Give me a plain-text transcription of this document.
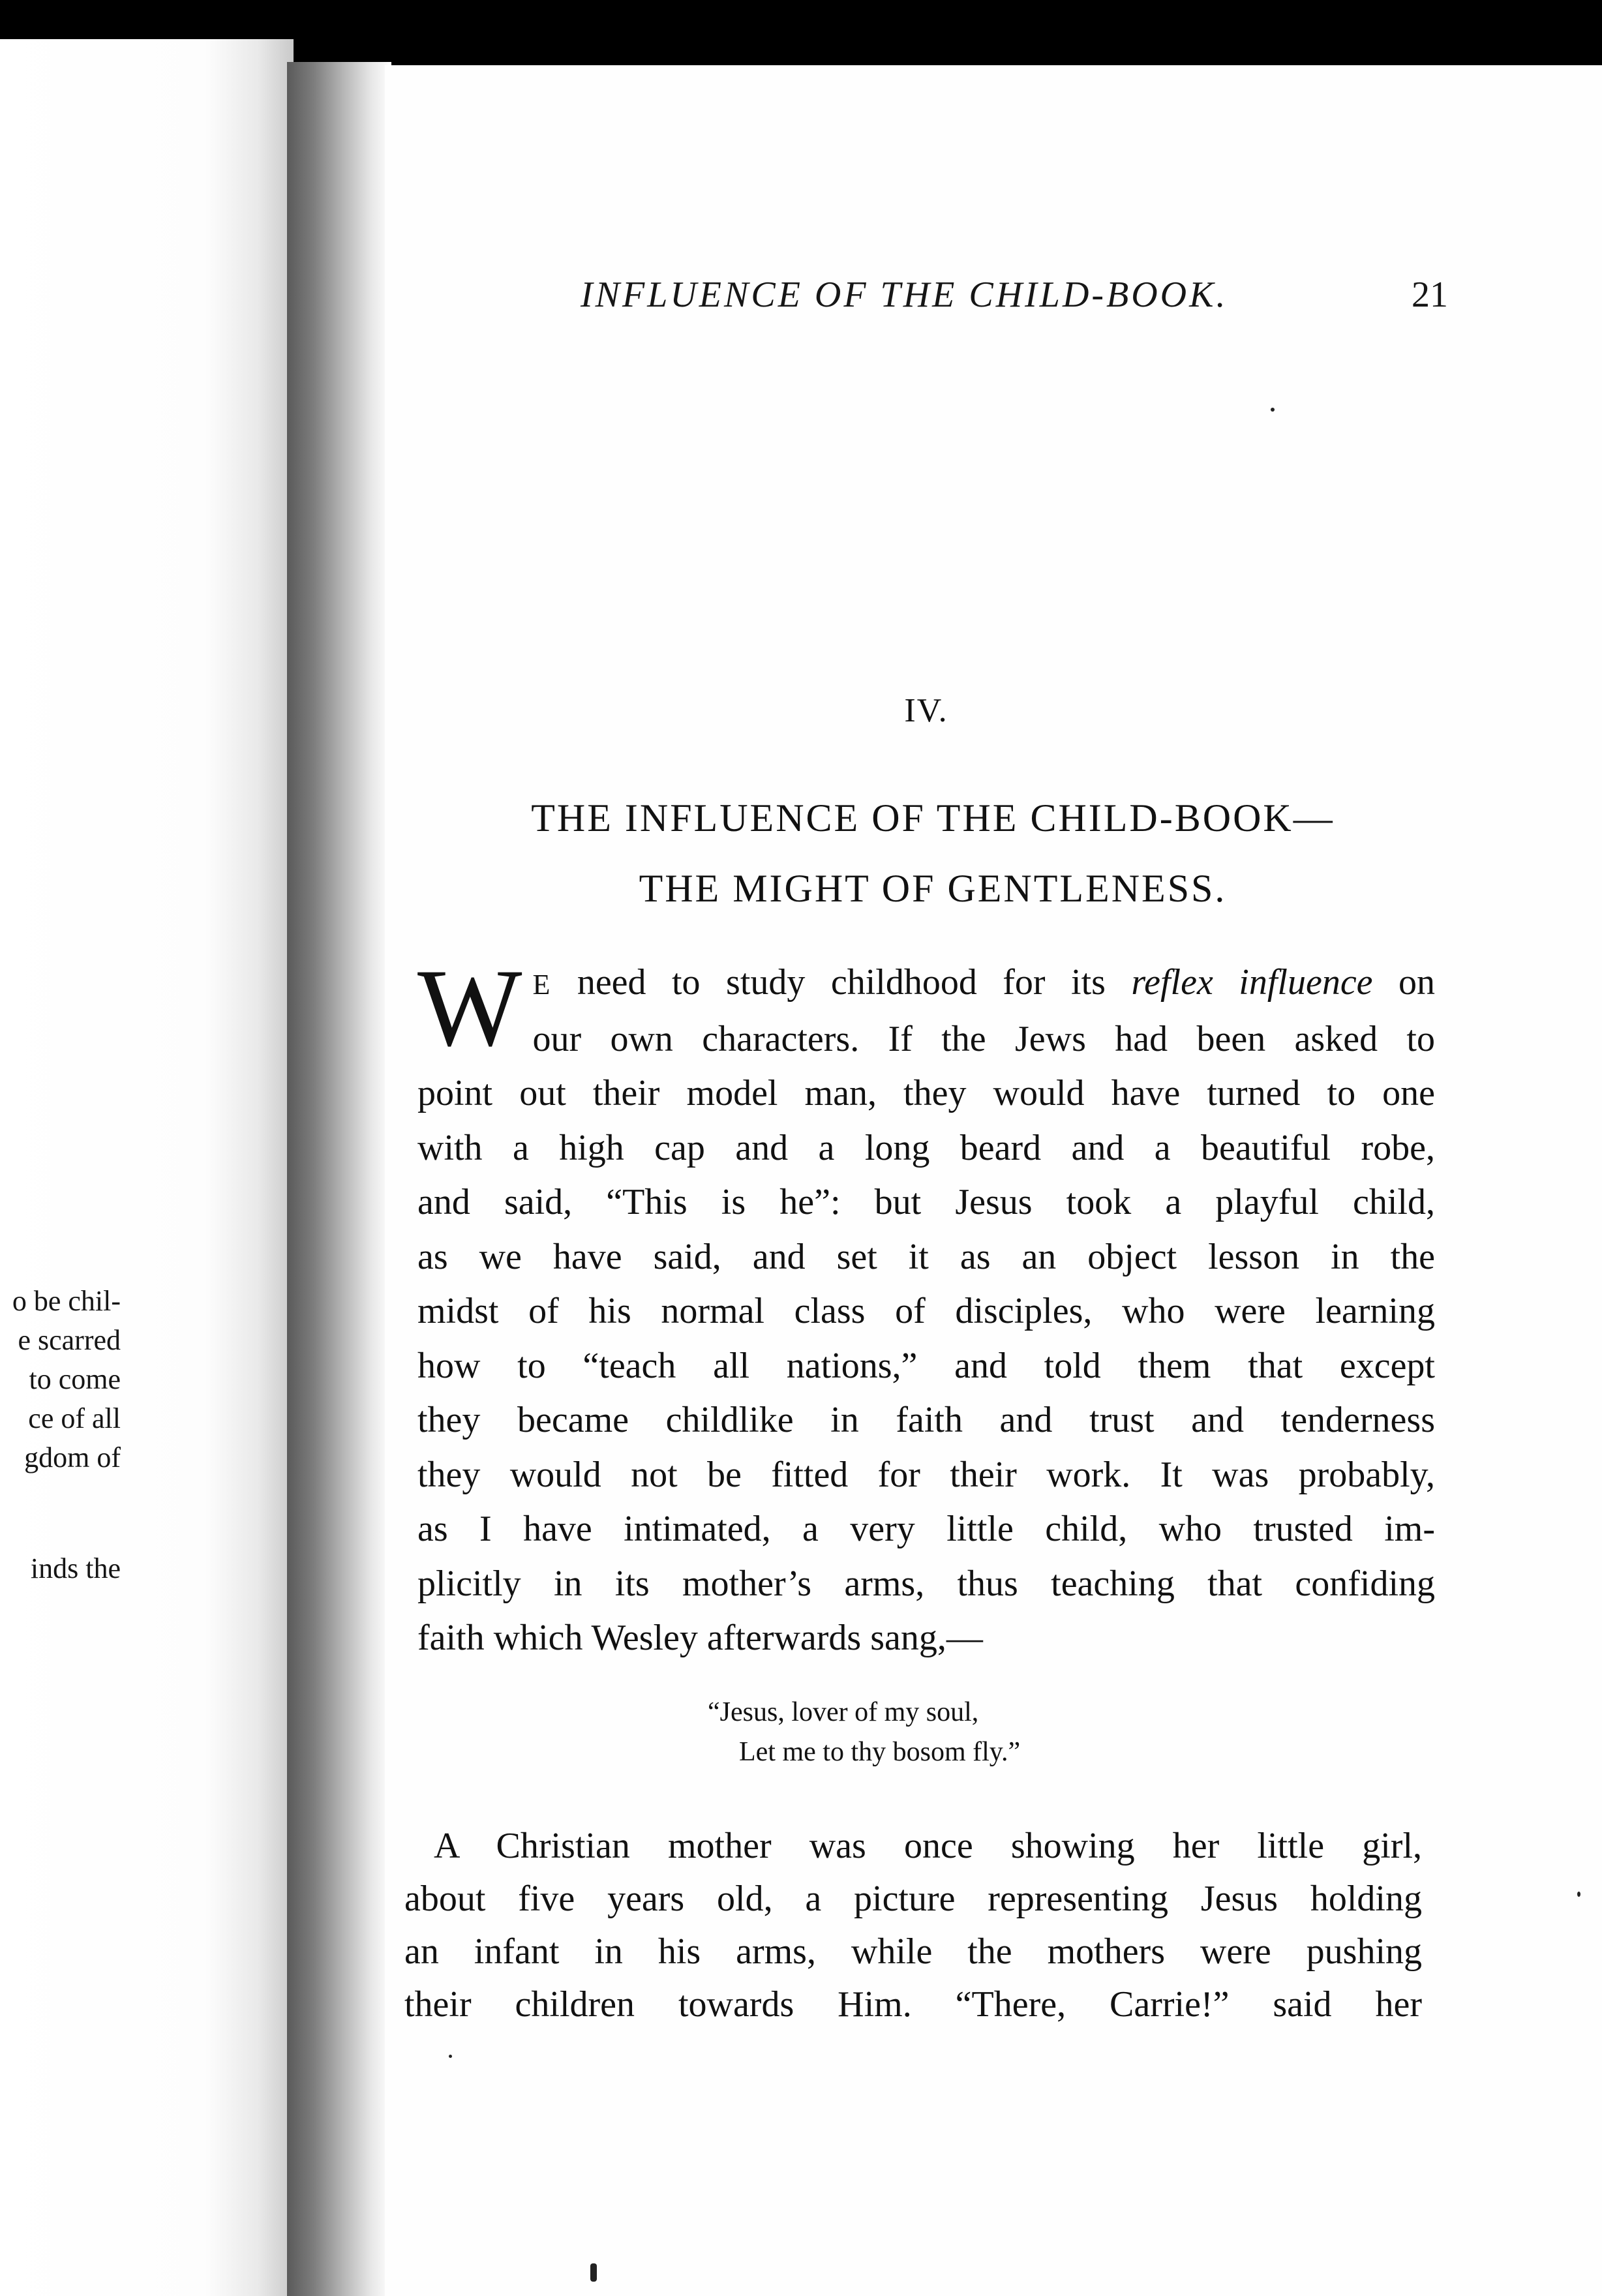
o be chil-
e scarred
to come
ce of all
gdom of
inds the
INFLUENCE OF THE CHILD-BOOK.	21
IV.
THE INFLUENCE OF THE CHILD-BOOK—
THE MIGHT OF GENTLENESS.
W E need to study childhood for its reflex influence on
our own characters. If the Jews had been asked to
point out their model man, they would have turned to one
with a high cap and a long beard and a beautiful robe,
and said, “This is he”: but Jesus took a playful child,
as we have said, and set it as an object lesson in the
midst of his normal class of disciples, who were learning
how to “teach all nations,” and told them that except
they became childlike in faith and trust and tenderness
they would not be fitted for their work. It was probably,
as I have intimated, a very little child, who trusted im-
plicitly in its mother’s arms, thus teaching that confiding
faith which Wesley afterwards sang,—
“Jesus, lover of my soul,
Let me to thy bosom fly.”
A Christian mother was once showing her little girl,
about five years old, a picture representing Jesus holding
an infant in his arms, while the mothers were pushing
their children towards Him. “There, Carrie!” said her
